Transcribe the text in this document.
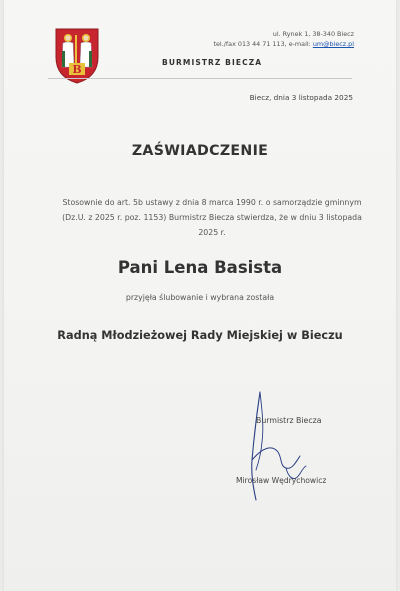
B
ul. Rynek 1, 38-340 Biecz
tel./fax 013 44 71 113, e-mail: um@biecz.pl
BURMISTRZ BIECZA
Biecz, dnia 3 listopada 2025
ZAŚWIADCZENIE
Stosownie do art. 5b ustawy z dnia 8 marca 1990 r. o samorządzie gminnym (Dz.U. z 2025 r. poz. 1153) Burmistrz Biecza stwierdza, że w dniu 3 listopada 2025 r.
Pani Lena Basista
przyjęła ślubowanie i wybrana została
Radną Młodzieżowej Rady Miejskiej w Bieczu
Burmistrz Biecza
Mirosław Wędrychowicz
